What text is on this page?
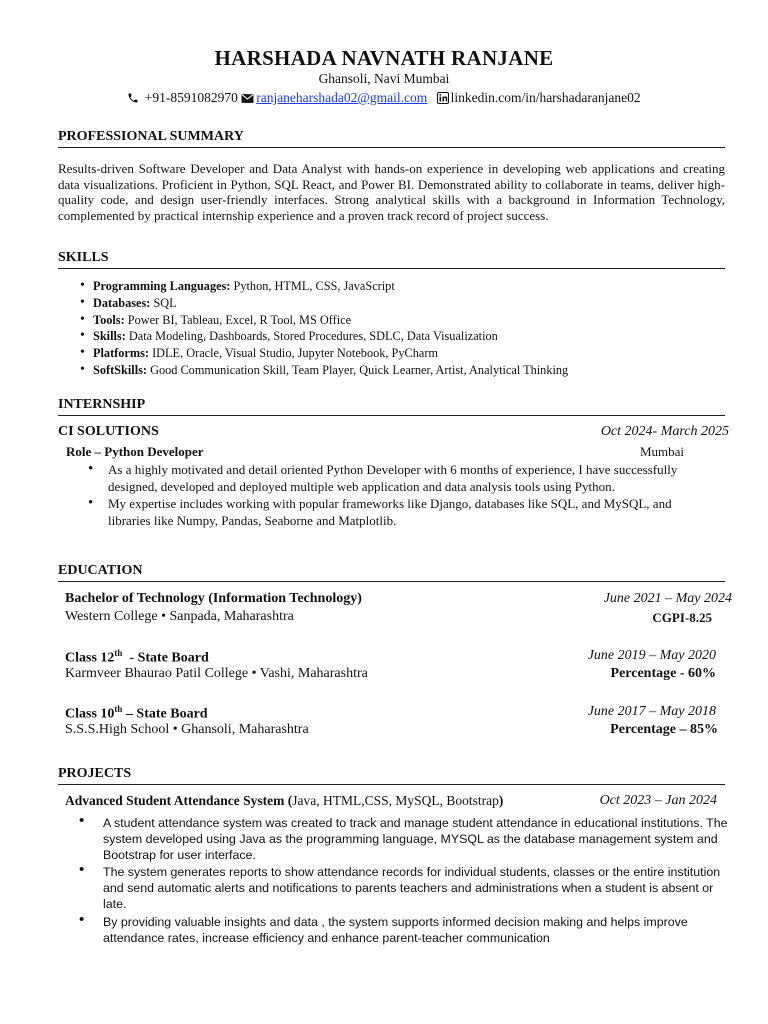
HARSHADA NAVNATH RANJANE
Ghansoli, Navi Mumbai
+91-8591082970 ranjaneharshada02@gmail.com linkedin.com/in/harshadaranjane02
PROFESSIONAL SUMMARY
Results-driven Software Developer and Data Analyst with hands-on experience in developing web applications and creating data visualizations. Proficient in Python, SQL React, and Power BI. Demonstrated ability to collaborate in teams, deliver high- quality code, and design user-friendly interfaces. Strong analytical skills with a background in Information Technology, complemented by practical internship experience and a proven track record of project success.
SKILLS
• Programming Languages: Python, HTML, CSS, JavaScript
• Databases: SQL
• Tools: Power BI, Tableau, Excel, R Tool, MS Office
• Skills: Data Modeling, Dashboards, Stored Procedures, SDLC, Data Visualization
• Platforms: IDLE, Oracle, Visual Studio, Jupyter Notebook, PyCharm
• SoftSkills: Good Communication Skill, Team Player, Quick Learner, Artist, Analytical Thinking
INTERNSHIP
CI SOLUTIONS	Oct 2024- March 2025
Role – Python Developer	Mumbai
• As a highly motivated and detail oriented Python Developer with 6 months of experience, I have successfully designed, developed and deployed multiple web application and data analysis tools using Python.
• My expertise includes working with popular frameworks like Django, databases like SQL, and MySQL, and libraries like Numpy, Pandas, Seaborne and Matplotlib.
EDUCATION
Bachelor of Technology (Information Technology)	June 2021 – May 2024
Western College • Sanpada, Maharashtra	CGPI-8.25
Class 12th  - State Board	June 2019 – May 2020
Karmveer Bhaurao Patil College • Vashi, Maharashtra	Percentage - 60%
Class 10th – State Board	June 2017 – May 2018
S.S.S.High School • Ghansoli, Maharashtra	Percentage – 85%
PROJECTS
Advanced Student Attendance System (Java, HTML,CSS, MySQL, Bootstrap)	Oct 2023 – Jan 2024
• A student attendance system was created to track and manage student attendance in educational institutions. The system developed using Java as the programming language, MYSQL as the database management system and Bootstrap for user interface.
• The system generates reports to show attendance records for individual students, classes or the entire institution and send automatic alerts and notifications to parents teachers and administrations when a student is absent or late.
• By providing valuable insights and data , the system supports informed decision making and helps improve attendance rates, increase efficiency and enhance parent-teacher communication
